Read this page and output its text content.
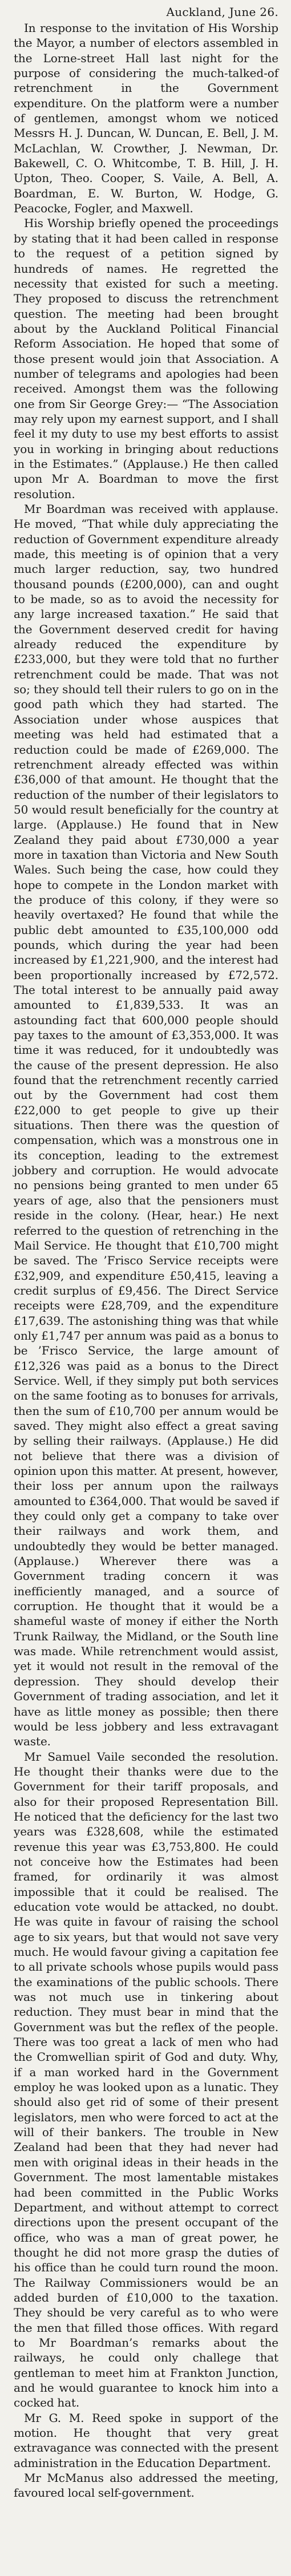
Auckland, June 26.

In response to the invitation of His Worship the Mayor, a number of electors assembled in the Lorne-street Hall last night for the purpose of considering the much-talked-of retrenchment in the Government expenditure. On the platform were a number of gentlemen, amongst whom we noticed Messrs H. J. Duncan, W. Duncan, E. Bell, J. M. McLachlan, W. Crowther, J. Newman, Dr. Bakewell, C. O. Whitcombe, T. B. Hill, J. H. Upton, Theo. Cooper, S. Vaile, A. Bell, A. Boardman, E. W. Burton, W. Hodge, G. Peacocke, Fogler, and Maxwell.

His Worship briefly opened the proceedings by stating that it had been called in response to the request of a petition signed by hundreds of names. He regretted the necessity that existed for such a meeting. They proposed to discuss the retrenchment question. The meeting had been brought about by the Auckland Political Financial Reform Association. He hoped that some of those present would join that Association. A number of telegrams and apologies had been received. Amongst them was the following one from Sir George Grey:— “The Association may rely upon my earnest support, and I shall feel it my duty to use my best efforts to assist you in working in bringing about reductions in the Estimates.” (Applause.) He then called upon Mr A. Boardman to move the first resolution.

Mr Boardman was received with applause. He moved, “That while duly appreciating the reduction of Government expenditure already made, this meeting is of opinion that a very much larger reduction, say, two hundred thousand pounds (£200,000), can and ought to be made, so as to avoid the necessity for any large increased taxation.” He said that the Government deserved credit for having already reduced the expenditure by £233,000, but they were told that no further retrenchment could be made. That was not so; they should tell their rulers to go on in the good path which they had started. The Association under whose auspices that meeting was held had estimated that a reduction could be made of £269,000. The retrenchment already effected was within £36,000 of that amount. He thought that the reduction of the number of their legislators to 50 would result beneficially for the country at large. (Applause.) He found that in New Zealand they paid about £730,000 a year more in taxation than Victoria and New South Wales. Such being the case, how could they hope to compete in the London market with the produce of this colony, if they were so heavily overtaxed? He found that while the public debt amounted to £35,100,000 odd pounds, which during the year had been increased by £1,221,900, and the interest had been proportionally increased by £72,572. The total interest to be annually paid away amounted to £1,839,533. It was an astounding fact that 600,000 people should pay taxes to the amount of £3,353,000. It was time it was reduced, for it undoubtedly was the cause of the present depression. He also found that the retrenchment recently carried out by the Government had cost them £22,000 to get people to give up their situations. Then there was the question of compensation, which was a monstrous one in its conception, leading to the extremest jobbery and corruption. He would advocate no pensions being granted to men under 65 years of age, also that the pensioners must reside in the colony. (Hear, hear.) He next referred to the question of retrenching in the Mail Service. He thought that £10,700 might be saved. The ’Frisco Service receipts were £32,909, and expenditure £50,415, leaving a credit surplus of £9,456. The Direct Service receipts were £28,709, and the expenditure £17,639. The astonishing thing was that while only £1,747 per annum was paid as a bonus to be ’Frisco Service, the large amount of £12,326 was paid as a bonus to the Direct Service. Well, if they simply put both services on the same footing as to bonuses for arrivals, then the sum of £10,700 per annum would be saved. They might also effect a great saving by selling their railways. (Applause.) He did not believe that there was a division of opinion upon this matter. At present, however, their loss per annum upon the railways amounted to £364,000. That would be saved if they could only get a company to take over their railways and work them, and undoubtedly they would be better managed. (Applause.) Wherever there was a Government trading concern it was inefficiently managed, and a source of corruption. He thought that it would be a shameful waste of money if either the North Trunk Railway, the Midland, or the South line was made. While retrenchment would assist, yet it would not result in the removal of the depression. They should develop their Government of trading association, and let it have as little money as possible; then there would be less jobbery and less extravagant waste.

Mr Samuel Vaile seconded the resolution. He thought their thanks were due to the Government for their tariff proposals, and also for their proposed Representation Bill. He noticed that the deficiency for the last two years was £328,608, while the estimated revenue this year was £3,753,800. He could not conceive how the Estimates had been framed, for ordinarily it was almost impossible that it could be realised. The education vote would be attacked, no doubt. He was quite in favour of raising the school age to six years, but that would not save very much. He would favour giving a capitation fee to all private schools whose pupils would pass the examinations of the public schools. There was not much use in tinkering about reduction. They must bear in mind that the Government was but the reflex of the people. There was too great a lack of men who had the Cromwellian spirit of God and duty. Why, if a man worked hard in the Government employ he was looked upon as a lunatic. They should also get rid of some of their present legislators, men who were forced to act at the will of their bankers. The trouble in New Zealand had been that they had never had men with original ideas in their heads in the Government. The most lamentable mistakes had been committed in the Public Works Department, and without attempt to correct directions upon the present occupant of the office, who was a man of great power, he thought he did not more grasp the duties of his office than he could turn round the moon. The Railway Commissioners would be an added burden of £10,000 to the taxation. They should be very careful as to who were the men that filled those offices. With regard to Mr Boardman’s remarks about the railways, he could only challege that gentleman to meet him at Frankton Junction, and he would guarantee to knock him into a cocked hat.

Mr G. M. Reed spoke in support of the motion. He thought that very great extravagance was connected with the present administration in the Education Department.

Mr McManus also addressed the meeting, favoured local self-government.
